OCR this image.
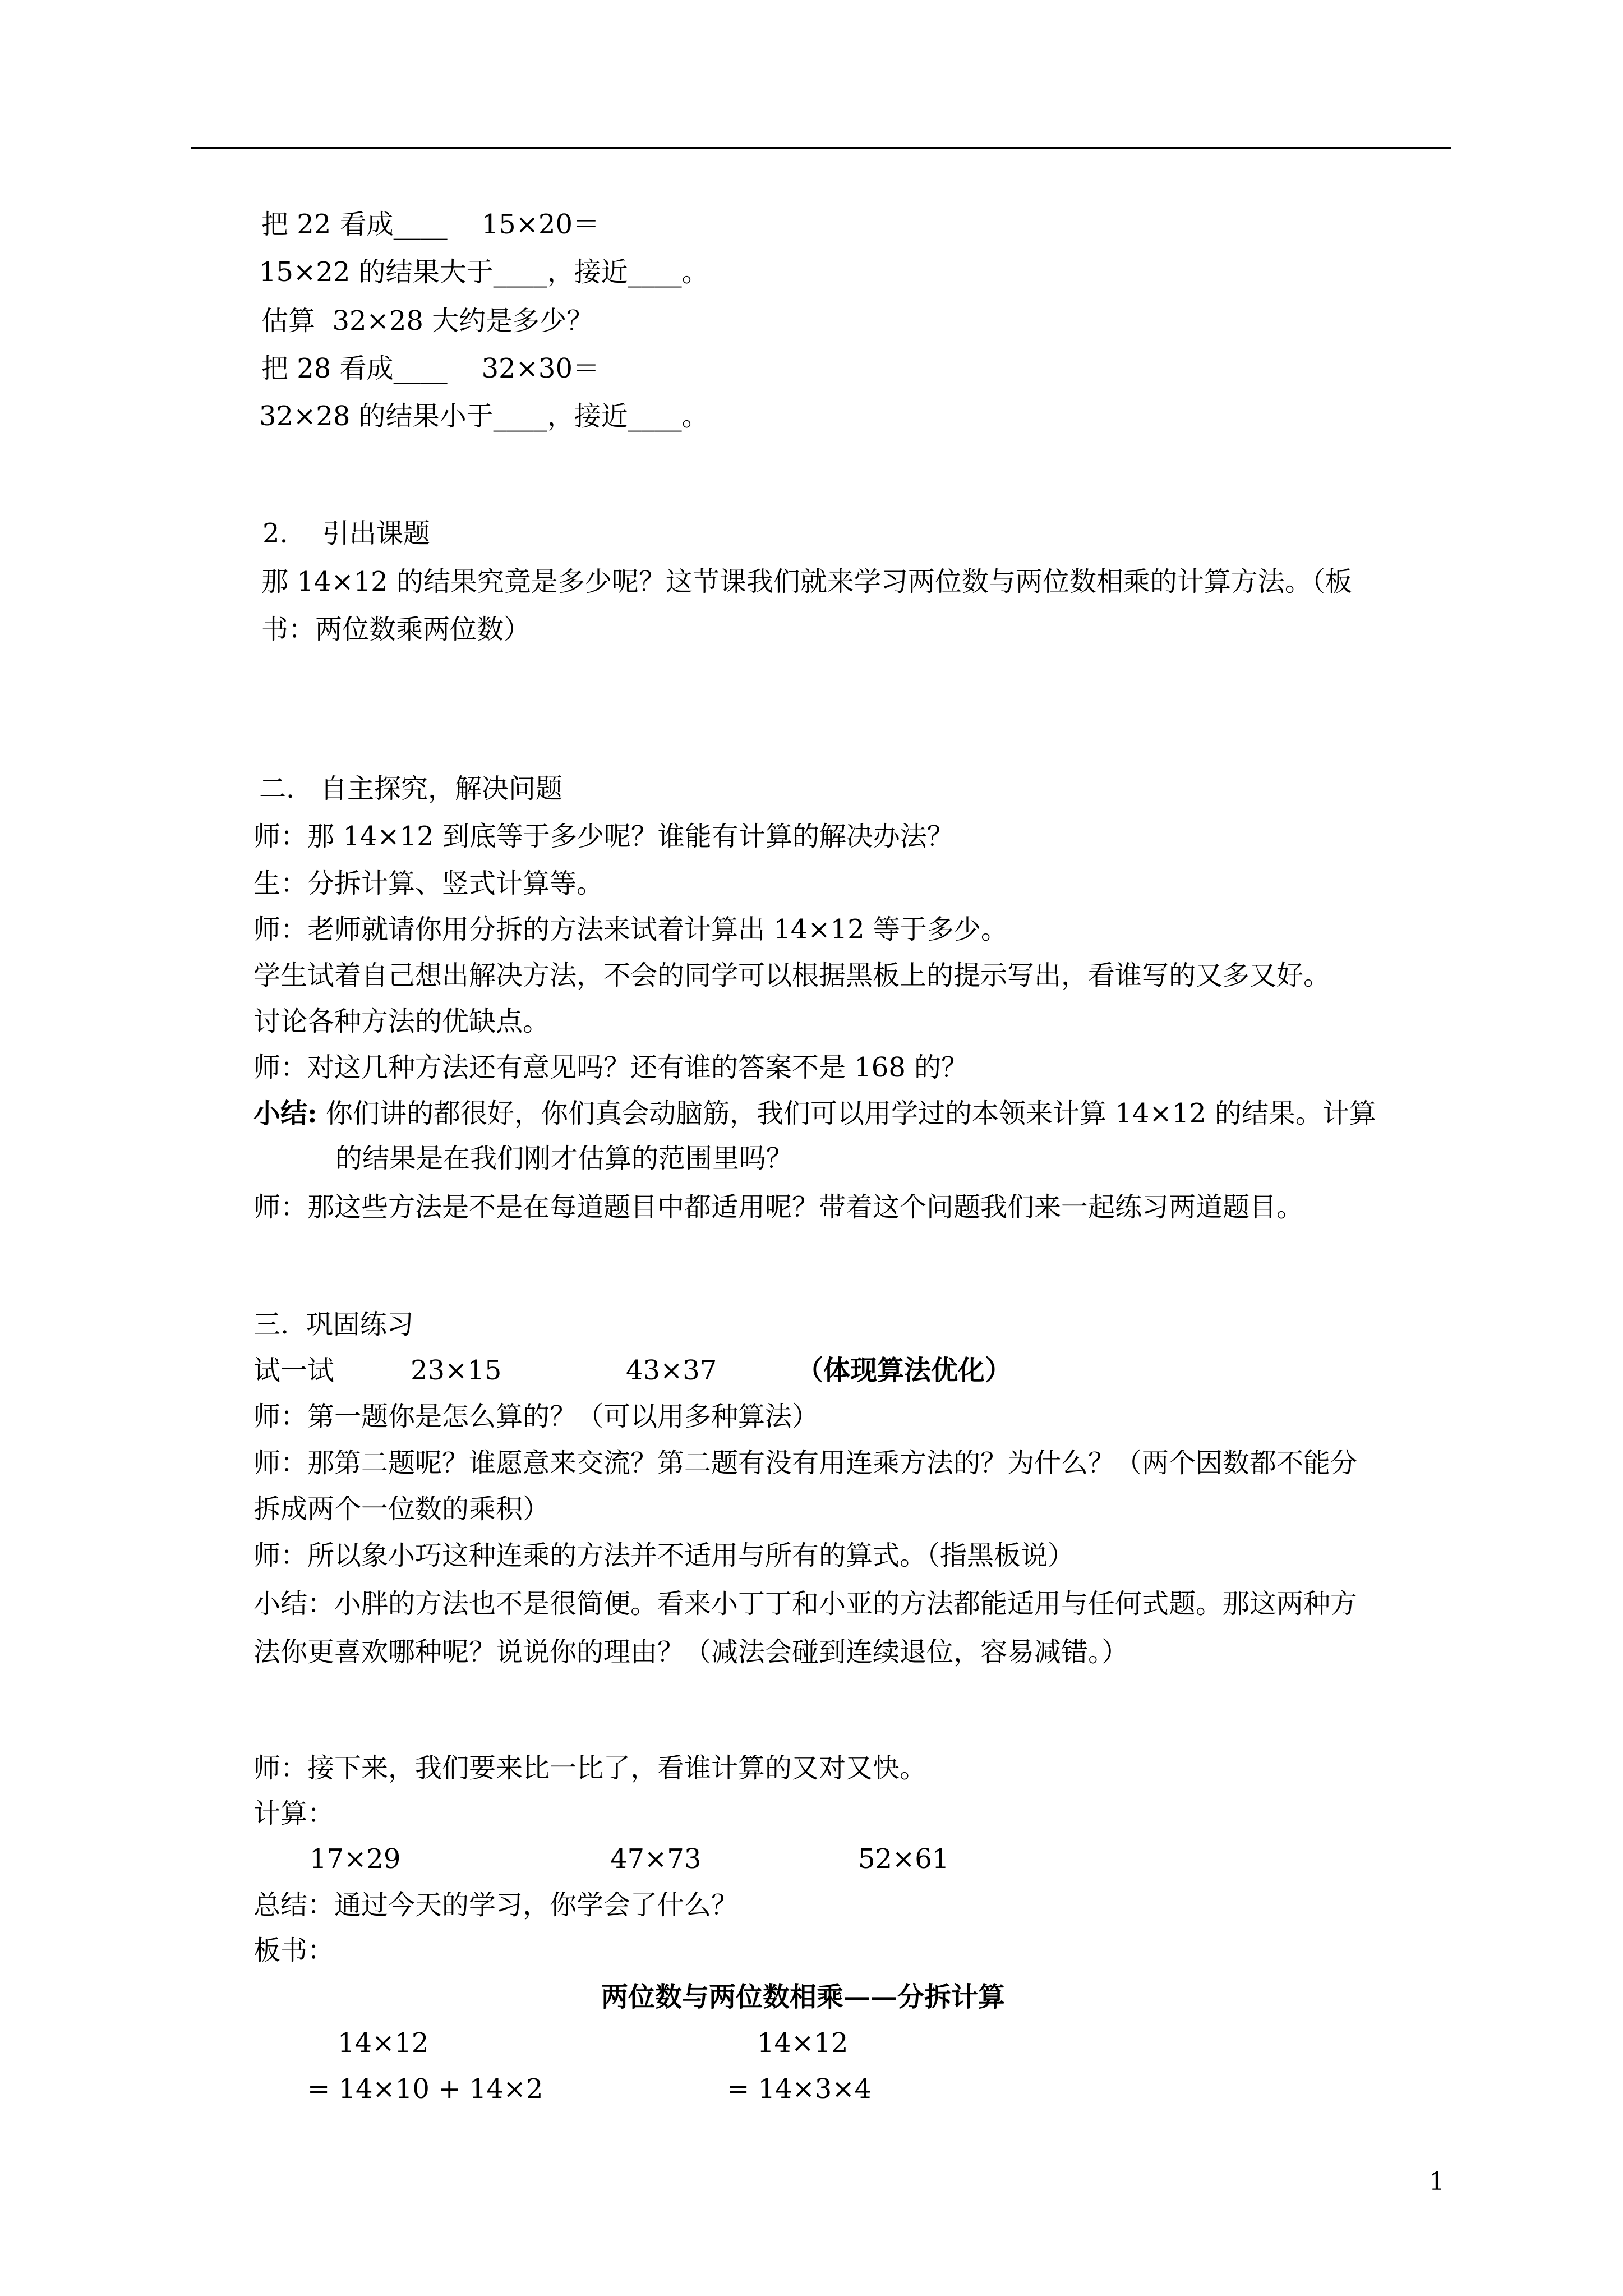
把 22 看成____    15×20＝
15×22 的结果大于____，接近____。
估算  32×28 大约是多少？
把 28 看成____    32×30＝
32×28 的结果小于____，接近____。
2.    引出课题
那 14×12 的结果究竟是多少呢？这节课我们就来学习两位数与两位数相乘的计算方法。（板
书：两位数乘两位数）
二.   自主探究，解决问题
师：那 14×12 到底等于多少呢？谁能有计算的解决办法？
生：分拆计算、竖式计算等。
师：老师就请你用分拆的方法来试着计算出 14×12 等于多少。
学生试着自己想出解决方法，不会的同学可以根据黑板上的提示写出，看谁写的又多又好。
讨论各种方法的优缺点。
师：对这几种方法还有意见吗？还有谁的答案不是 168 的？
小结: 你们讲的都很好，你们真会动脑筋，我们可以用学过的本领来计算 14×12 的结果。计算
的结果是在我们刚才估算的范围里吗？
师：那这些方法是不是在每道题目中都适用呢？带着这个问题我们来一起练习两道题目。
三.  巩固练习
试一试	23×15	43×37	（体现算法优化）
师：第一题你是怎么算的？（可以用多种算法）
师：那第二题呢？谁愿意来交流？第二题有没有用连乘方法的？为什么？（两个因数都不能分
拆成两个一位数的乘积）
师：所以象小巧这种连乘的方法并不适用与所有的算式。（指黑板说）
小结：小胖的方法也不是很简便。看来小丁丁和小亚的方法都能适用与任何式题。那这两种方
法你更喜欢哪种呢？说说你的理由？（减法会碰到连续退位，容易减错。）
师：接下来，我们要来比一比了，看谁计算的又对又快。
计算：
17×29	47×73	52×61
总结：通过今天的学习，你学会了什么？
板书：
两位数与两位数相乘——分拆计算
14×12
= 14×10 + 14×2
14×12
= 14×3×4
1
